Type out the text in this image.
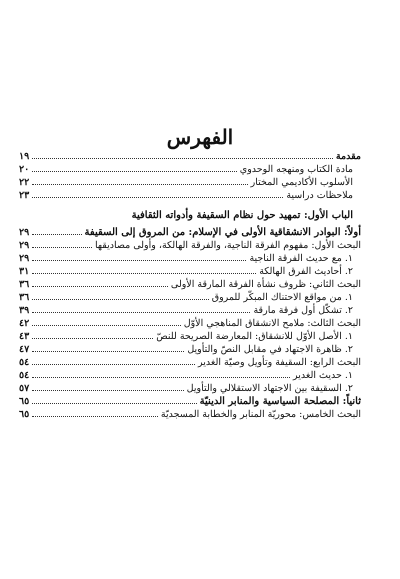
الفهرس
مقدمة
١٩
مادة الكتاب ومنهجه الوحدوي
٢٠
الأسلوب الأكاديمي المختار
٢٢
ملاحظات دراسية
٢٣
الباب الأول: تمهيد حول نظام السقيفة وأدواته الثقافية
أولاً: البوادر الانشقاقية الأولى في الإسلام: من المروق إلى السقيفة
٢٩
البحث الأول: مفهوم الفرقة الناجية، والفرقة الهالكة، وأولى مصاديقها
٢٩
١. مع حديث الفرقة الناجية
٢٩
٢. أحاديث الفرق الهالكة
٣١
البحث الثاني: ظروف نشأة الفرقة المارقة الأولى
٣٦
١. من مواقع الاحتناك المبكّر للمروق
٣٦
٢. تشكّل أول فرقة مارقة
٣٩
البحث الثالث: ملامح الانشقاق المناهجي الأوّل
٤٢
١. الأصل الأوّل للانشقاق: المعارضة الصريحة للنصّ
٤٣
٢. ظاهرة الاجتهاد في مقابل النصّ والتأويل
٤٧
البحث الرابع: السقيفة وتأويل وصيّة الغدير
٥٤
١. حديث الغدير
٥٤
٢. السقيفة بين الاجتهاد الاستقلالي والتأويل
٥٧
ثانياً: المصلحة السياسية والمنابر الدينيّة
٦٥
البحث الخامس: محوريّة المنابر والخطابة المسجديّة
٦٥
